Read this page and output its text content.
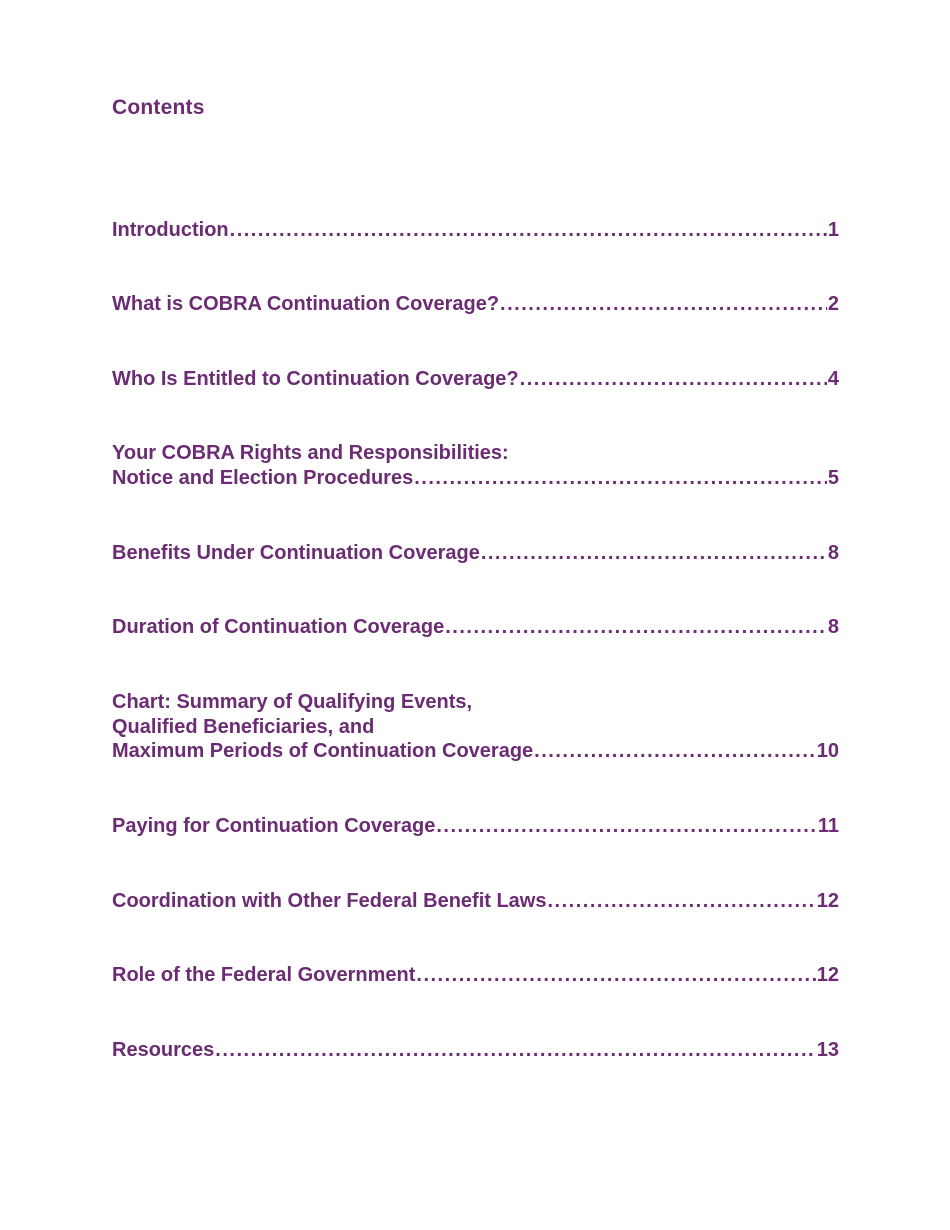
Contents
Introduction .....	1
What is COBRA Continuation Coverage? .....	2
Who Is Entitled to Continuation Coverage? .....	4
Your COBRA Rights and Responsibilities:
Notice and Election Procedures .....	5
Benefits Under Continuation Coverage .....	8
Duration of Continuation Coverage .....	8
Chart: Summary of Qualifying Events,
Qualified Beneficiaries, and
Maximum Periods of Continuation Coverage .....	10
Paying for Continuation Coverage .....	11
Coordination with Other Federal Benefit Laws .....	12
Role of the Federal Government .....	12
Resources .....	13
